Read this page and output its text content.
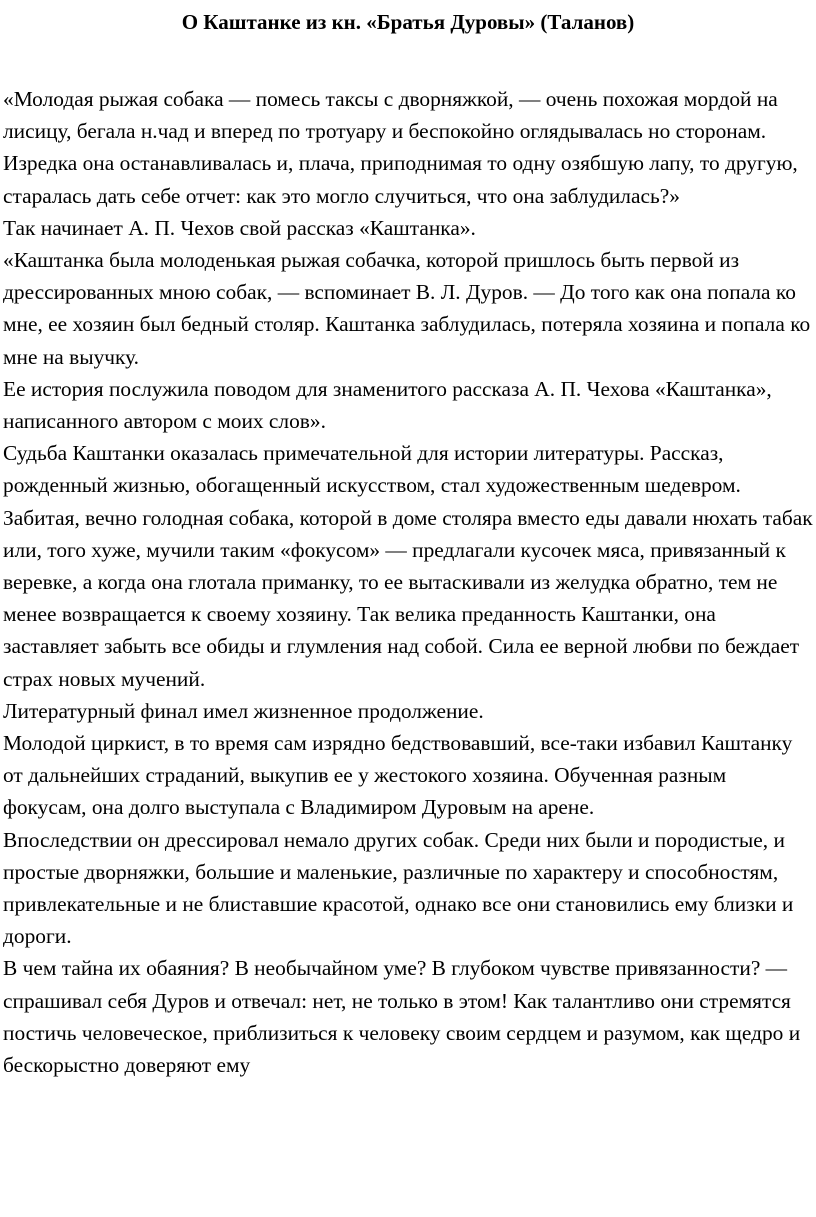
О Каштанке из кн. «Братья Дуровы» (Таланов)

«Молодая рыжая собака — помесь таксы с дворняжкой, — очень похожая мордой на лисицу, бегала н.чад и вперед по тротуару и беспокойно оглядывалась но сторонам. Изредка она останавливалась и, плача, приподнимая то одну озябшую лапу, то другую, старалась дать себе отчет: как это могло случиться, что она заблудилась?»

Так начинает А. П. Чехов свой рассказ «Каштанка».

«Каштанка была молоденькая рыжая собачка, которой пришлось быть первой из дрессированных мною собак, — вспоминает В. Л. Дуров. — До того как она попала ко мне, ее хозяин был бедный столяр. Каштанка заблудилась, потеряла хозяина и попала ко мне на выучку.

Ее история послужила поводом для знаменитого рассказа А. П. Чехова «Каштанка», написанного автором с моих слов».

Судьба Каштанки оказалась примечательной для истории литературы. Рассказ, рожденный жизнью, обогащенный искусством, стал художественным шедевром.

Забитая, вечно голодная собака, которой в доме столяра вместо еды давали нюхать табак или, того хуже, мучили таким «фокусом» — предлагали кусочек мяса, привязанный к веревке, а когда она глотала приманку, то ее вытаскивали из желудка обратно, тем не менее возвращается к своему хозяину. Так велика преданность Каштанки, она заставляет забыть все обиды и глумления над собой. Сила ее верной любви по беждает страх новых мучений.

Литературный финал имел жизненное продолжение.

Молодой циркист, в то время сам изрядно бедствовавший, все-таки избавил Каштанку от дальнейших страданий, выкупив ее у жестокого хозяина. Обученная разным фокусам, она долго выступала с Владимиром Дуровым на арене.

Впоследствии он дрессировал немало других собак. Среди них были и породистые, и простые дворняжки, большие и маленькие, различные по характеру и способностям, привлекательные и не блиставшие красотой, однако все они становились ему близки и дороги.

В чем тайна их обаяния? В необычайном уме? В глубоком чувстве привязанности? — спрашивал себя Дуров и отвечал: нет, не только в этом! Как талантливо они стремятся постичь человеческое, приблизиться к человеку своим сердцем и разумом, как щедро и бескорыстно доверяют ему
